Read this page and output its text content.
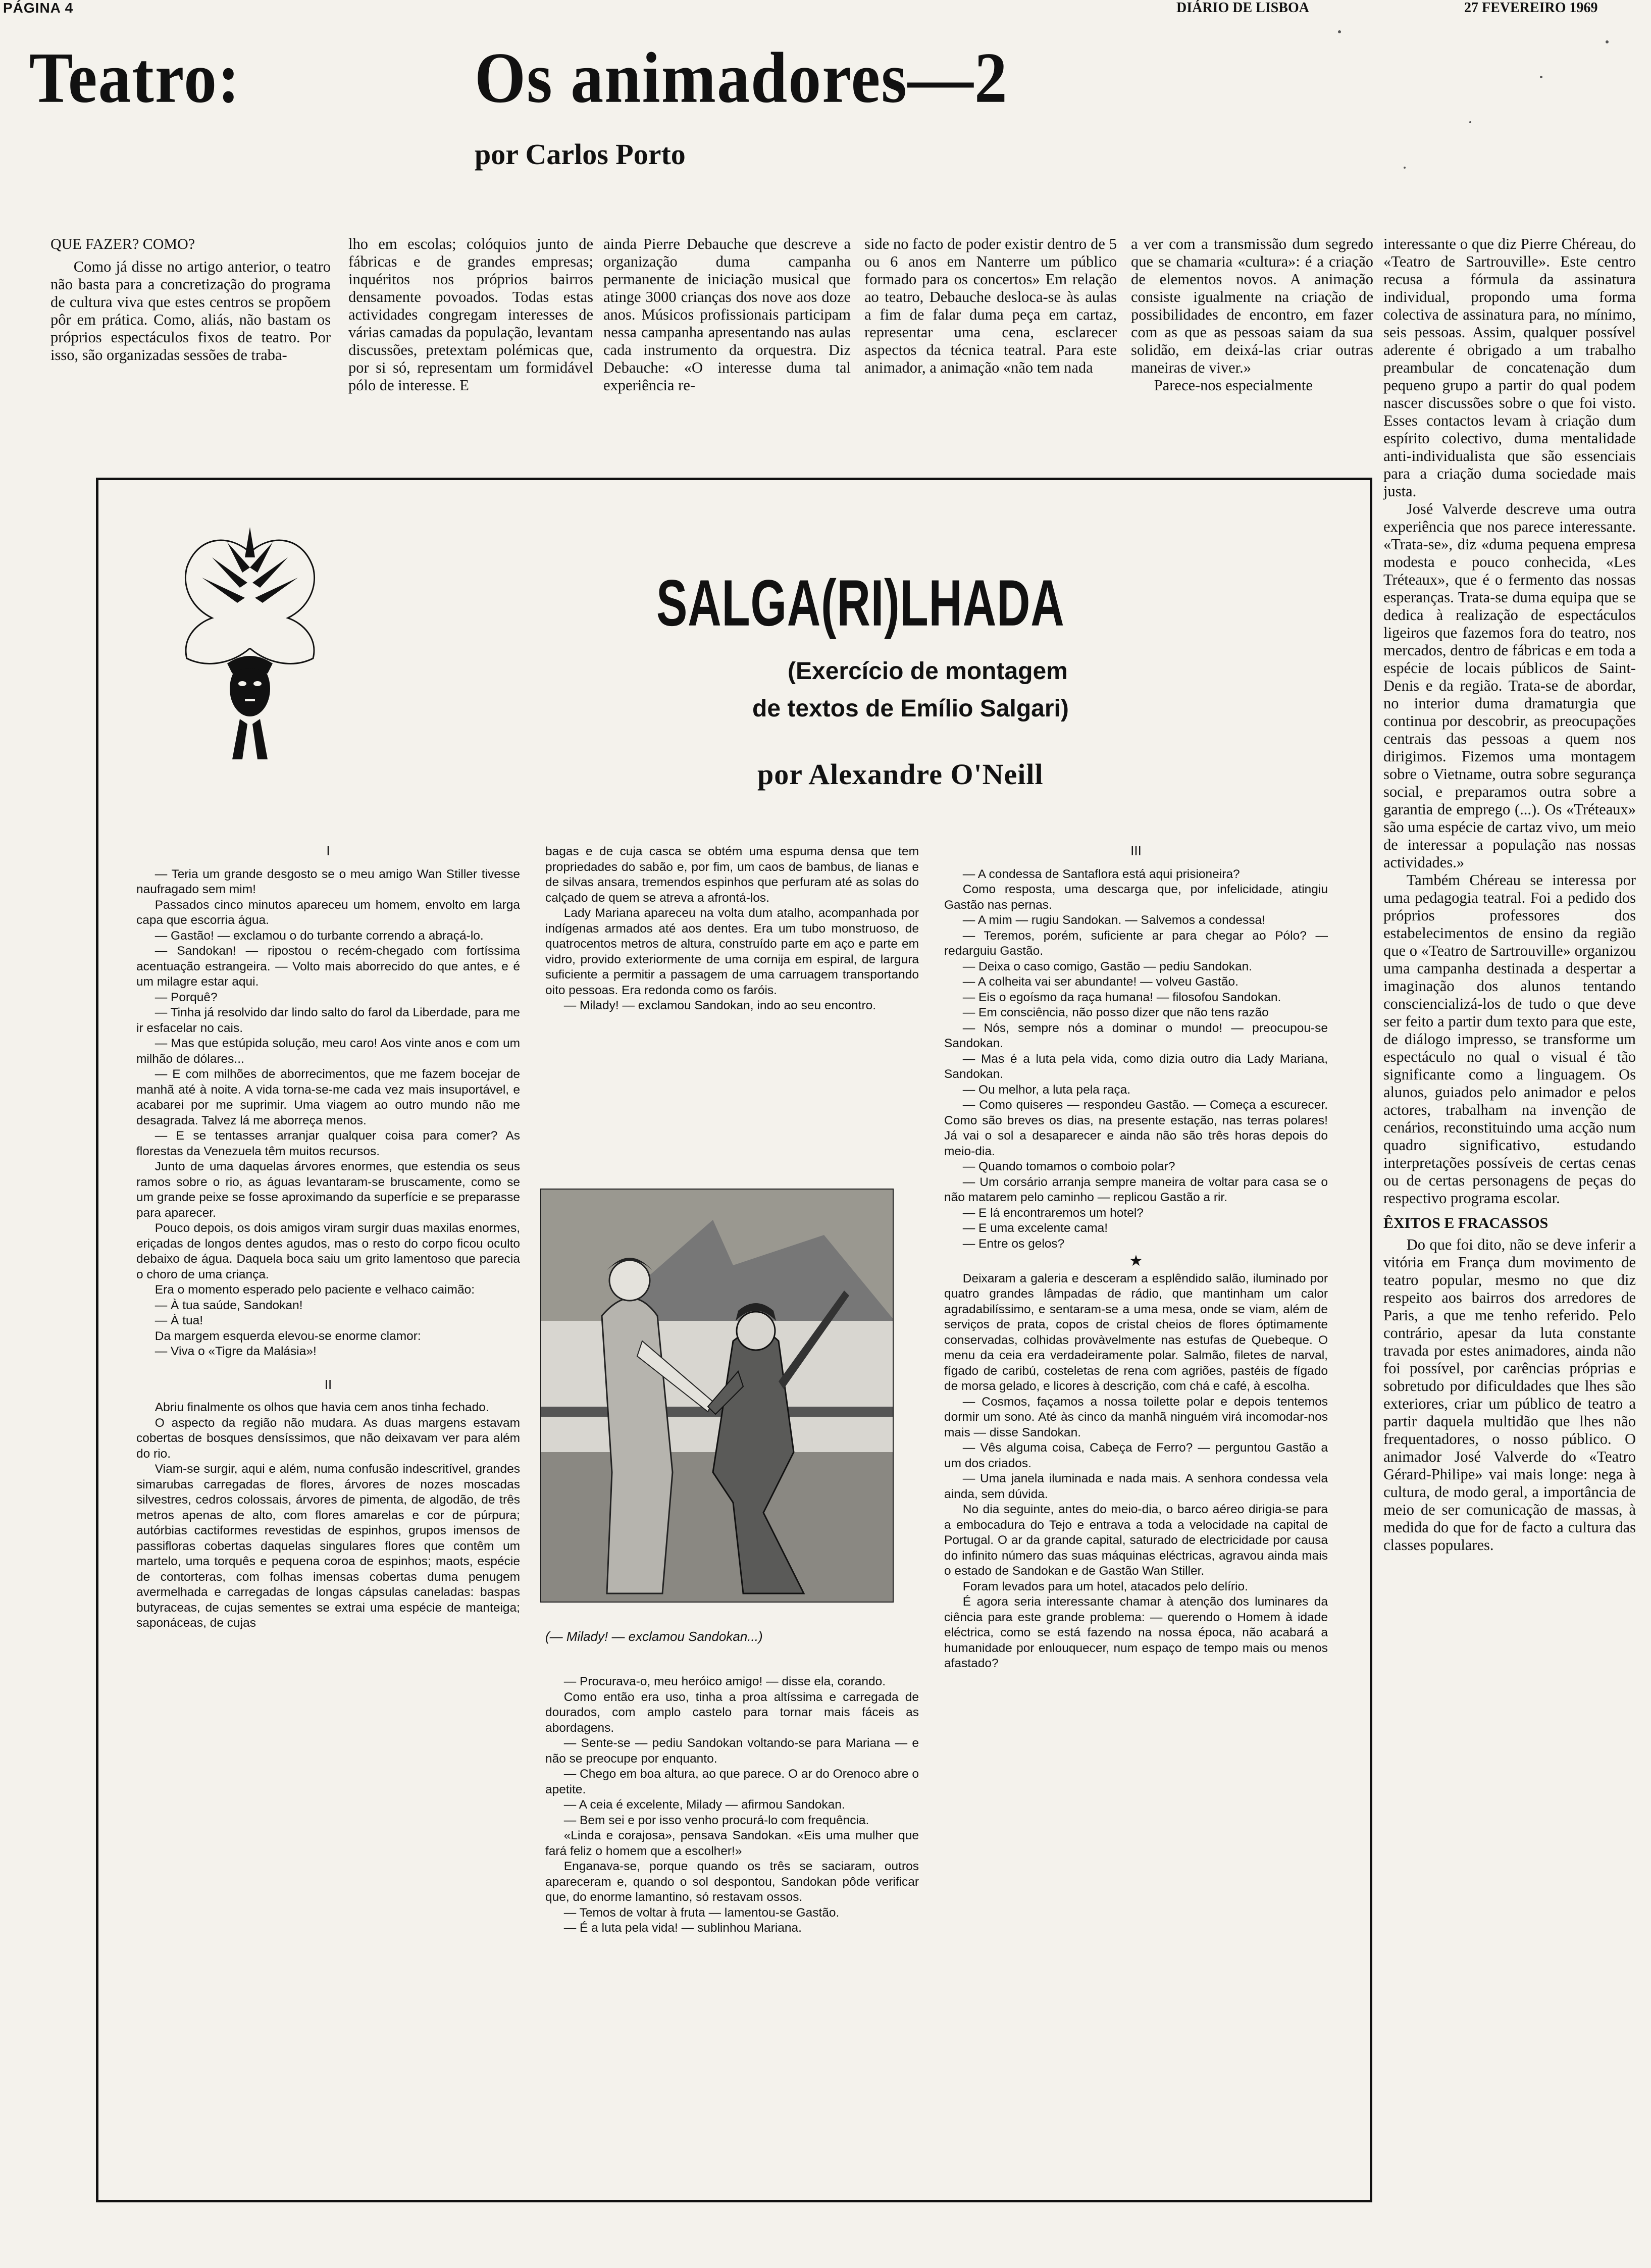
PÁGINA 4	DIÁRIO DE LISBOA	27 FEVEREIRO 1969
Teatro:	Os animadores—2
por Carlos Porto
QUE FAZER? COMO?

Como já disse no artigo anterior, o teatro não basta para a concretização do programa de cultura viva que estes centros se propõem pôr em prática. Como, aliás, não bastam os próprios espectáculos fixos de teatro. Por isso, são organizadas sessões de traba-

lho em escolas; colóquios junto de fábricas e de grandes empresas; inquéritos nos próprios bairros densamente povoados. Todas estas actividades congregam interesses de várias camadas da população, levantam discussões, pretextam polémicas que, por si só, representam um formidável pólo de interesse. E

ainda Pierre Debauche que descreve a organização duma campanha permanente de iniciação musical que atinge 3000 crianças dos nove aos doze anos. Músicos profissionais participam nessa campanha apresentando nas aulas cada instrumento da orquestra. Diz Debauche: «O interesse duma tal experiência re-

side no facto de poder existir dentro de 5 ou 6 anos em Nanterre um público formado para os concertos» Em relação ao teatro, Debauche desloca-se às aulas a fim de falar duma peça em cartaz, representar uma cena, esclarecer aspectos da técnica teatral. Para este animador, a animação «não tem nada

a ver com a transmissão dum segredo que se chamaria «cultura»: é a criação de elementos novos. A animação consiste igualmente na criação de possibilidades de encontro, em fazer com as que as pessoas saiam da sua solidão, em deixá-las criar outras maneiras de viver.»

Parece-nos especialmente

SALGA(RI)LHADA
(Exercício de montagem
de textos de Emílio Salgari)
por Alexandre O'Neill
I

— Teria um grande desgosto se o meu amigo Wan Stiller tivesse naufragado sem mim!

Passados cinco minutos apareceu um homem, envolto em larga capa que escorria água.

— Gastão! — exclamou o do turbante correndo a abraçá-lo.

— Sandokan! — ripostou o recém-chegado com fortíssima acentuação estrangeira. — Volto mais aborrecido do que antes, e é um milagre estar aqui.

— Porquê?

— Tinha já resolvido dar lindo salto do farol da Liberdade, para me ir esfacelar no cais.

— Mas que estúpida solução, meu caro! Aos vinte anos e com um milhão de dólares...

— E com milhões de aborrecimentos, que me fazem bocejar de manhã até à noite. A vida torna-se-me cada vez mais insuportável, e acabarei por me suprimir. Uma viagem ao outro mundo não me desagrada. Talvez lá me aborreça menos.

— E se tentasses arranjar qualquer coisa para comer? As florestas da Venezuela têm muitos recursos.

Junto de uma daquelas árvores enormes, que estendia os seus ramos sobre o rio, as águas levantaram-se bruscamente, como se um grande peixe se fosse aproximando da superfície e se preparasse para aparecer.

Pouco depois, os dois amigos viram surgir duas maxilas enormes, eriçadas de longos dentes agudos, mas o resto do corpo ficou oculto debaixo de água. Daquela boca saiu um grito lamentoso que parecia o choro de uma criança.

Era o momento esperado pelo paciente e velhaco caimão:

— À tua saúde, Sandokan!

— À tua!

Da margem esquerda elevou-se enorme clamor:

— Viva o «Tigre da Malásia»!

II

Abriu finalmente os olhos que havia cem anos tinha fechado.

O aspecto da região não mudara. As duas margens estavam cobertas de bosques densíssimos, que não deixavam ver para além do rio.

Viam-se surgir, aqui e além, numa confusão indescritível, grandes simarubas carregadas de flores, árvores de nozes moscadas silvestres, cedros colossais, árvores de pimenta, de algodão, de três metros apenas de alto, com flores amarelas e cor de púrpura; autórbias cactiformes revestidas de espinhos, grupos imensos de passifloras cobertas daquelas singulares flores que contêm um martelo, uma torquês e pequena coroa de espinhos; maots, espécie de contorteras, com folhas imensas cobertas duma penugem avermelhada e carregadas de longas cápsulas caneladas: baspas butyraceas, de cujas sementes se extrai uma espécie de manteiga; saponáceas, de cujas

bagas e de cuja casca se obtém uma espuma densa que tem propriedades do sabão e, por fim, um caos de bambus, de lianas e de silvas ansara, tremendos espinhos que perfuram até as solas do calçado de quem se atreva a afrontá-los.

Lady Mariana apareceu na volta dum atalho, acompanhada por indígenas armados até aos dentes. Era um tubo monstruoso, de quatrocentos metros de altura, construído parte em aço e parte em vidro, provido exteriormente de uma cornija em espiral, de largura suficiente a permitir a passagem de uma carruagem transportando oito pessoas. Era redonda como os faróis.

— Milady! — exclamou Sandokan, indo ao seu encontro.

(— Milady! — exclamou Sandokan...)

— Procurava-o, meu heróico amigo! — disse ela, corando.

Como então era uso, tinha a proa altíssima e carregada de dourados, com amplo castelo para tornar mais fáceis as abordagens.

— Sente-se — pediu Sandokan voltando-se para Mariana — e não se preocupe por enquanto.

— Chego em boa altura, ao que parece. O ar do Orenoco abre o apetite.

— A ceia é excelente, Milady — afirmou Sandokan.

— Bem sei e por isso venho procurá-lo com frequência.

«Linda e corajosa», pensava Sandokan. «Eis uma mulher que fará feliz o homem que a escolher!»

Enganava-se, porque quando os três se saciaram, outros apareceram e, quando o sol despontou, Sandokan pôde verificar que, do enorme lamantino, só restavam ossos.

— Temos de voltar à fruta — lamentou-se Gastão.

— É a luta pela vida! — sublinhou Mariana.

III

— A condessa de Santaflora está aqui prisioneira?

Como resposta, uma descarga que, por infelicidade, atingiu Gastão nas pernas.

— A mim — rugiu Sandokan. — Salvemos a condessa!

— Teremos, porém, suficiente ar para chegar ao Pólo? — redarguiu Gastão.

— Deixa o caso comigo, Gastão — pediu Sandokan.

— A colheita vai ser abundante! — volveu Gastão.

— Eis o egoísmo da raça humana! — filosofou Sandokan.

— Em consciência, não posso dizer que não tens razão

— Nós, sempre nós a dominar o mundo! — preocupou-se Sandokan.

— Mas é a luta pela vida, como dizia outro dia Lady Mariana, Sandokan.

— Ou melhor, a luta pela raça.

— Como quiseres — respondeu Gastão. — Começa a escurecer. Como são breves os dias, na presente estação, nas terras polares! Já vai o sol a desaparecer e ainda não são três horas depois do meio-dia.

— Quando tomamos o comboio polar?

— Um corsário arranja sempre maneira de voltar para casa se o não matarem pelo caminho — replicou Gastão a rir.

— E lá encontraremos um hotel?

— E uma excelente cama!

— Entre os gelos?

★

Deixaram a galeria e desceram a esplêndido salão, iluminado por quatro grandes lâmpadas de rádio, que mantinham um calor agradabilíssimo, e sentaram-se a uma mesa, onde se viam, além de serviços de prata, copos de cristal cheios de flores óptimamente conservadas, colhidas provàvelmente nas estufas de Quebeque. O menu da ceia era verdadeiramente polar. Salmão, filetes de narval, fígado de caribú, costeletas de rena com agriões, pastéis de fígado de morsa gelado, e licores à descrição, com chá e café, à escolha.

— Cosmos, façamos a nossa toilette polar e depois tentemos dormir um sono. Até às cinco da manhã ninguém virá incomodar-nos mais — disse Sandokan.

— Vês alguma coisa, Cabeça de Ferro? — perguntou Gastão a um dos criados.

— Uma janela iluminada e nada mais. A senhora condessa vela ainda, sem dúvida.

No dia seguinte, antes do meio-dia, o barco aéreo dirigia-se para a embocadura do Tejo e entrava a toda a velocidade na capital de Portugal. O ar da grande capital, saturado de electricidade por causa do infinito número das suas máquinas eléctricas, agravou ainda mais o estado de Sandokan e de Gastão Wan Stiller.

Foram levados para um hotel, atacados pelo delírio.

É agora seria interessante chamar à atenção dos luminares da ciência para este grande problema: — querendo o Homem à idade eléctrica, como se está fazendo na nossa época, não acabará a humanidade por enlouquecer, num espaço de tempo mais ou menos afastado?

interessante o que diz Pierre Chéreau, do «Teatro de Sartrouville». Este centro recusa a fórmula da assinatura individual, propondo uma forma colectiva de assinatura para, no mínimo, seis pessoas. Assim, qualquer possível aderente é obrigado a um trabalho preambular de concatenação dum pequeno grupo a partir do qual podem nascer discussões sobre o que foi visto. Esses contactos levam à criação dum espírito colectivo, duma mentalidade anti-individualista que são essenciais para a criação duma sociedade mais justa.

José Valverde descreve uma outra experiência que nos parece interessante. «Trata-se», diz «duma pequena empresa modesta e pouco conhecida, «Les Tréteaux», que é o fermento das nossas esperanças. Trata-se duma equipa que se dedica à realização de espectáculos ligeiros que fazemos fora do teatro, nos mercados, dentro de fábricas e em toda a espécie de locais públicos de Saint-Denis e da região. Trata-se de abordar, no interior duma dramaturgia que continua por descobrir, as preocupações centrais das pessoas a quem nos dirigimos. Fizemos uma montagem sobre o Vietname, outra sobre segurança social, e preparamos outra sobre a garantia de emprego (...). Os «Tréteaux» são uma espécie de cartaz vivo, um meio de interessar a população nas nossas actividades.»

Também Chéreau se interessa por uma pedagogia teatral. Foi a pedido dos próprios professores dos estabelecimentos de ensino da região que o «Teatro de Sartrouville» organizou uma campanha destinada a despertar a imaginação dos alunos tentando consciencializá-los de tudo o que deve ser feito a partir dum texto para que este, de diálogo impresso, se transforme um espectáculo no qual o visual é tão significante como a linguagem. Os alunos, guiados pelo animador e pelos actores, trabalham na invenção de cenários, reconstituindo uma acção num quadro significativo, estudando interpretações possíveis de certas cenas ou de certas personagens de peças do respectivo programa escolar.

ÊXITOS E FRACASSOS

Do que foi dito, não se deve inferir a vitória em França dum movimento de teatro popular, mesmo no que diz respeito aos bairros dos arredores de Paris, a que me tenho referido. Pelo contrário, apesar da luta constante travada por estes animadores, ainda não foi possível, por carências próprias e sobretudo por dificuldades que lhes são exteriores, criar um público de teatro a partir daquela multidão que lhes não frequentadores, o nosso público. O animador José Valverde do «Teatro Gérard-Philipe» vai mais longe: nega à cultura, de modo geral, a importância de meio de ser comunicação de massas, à medida do que for de facto a cultura das classes populares.
